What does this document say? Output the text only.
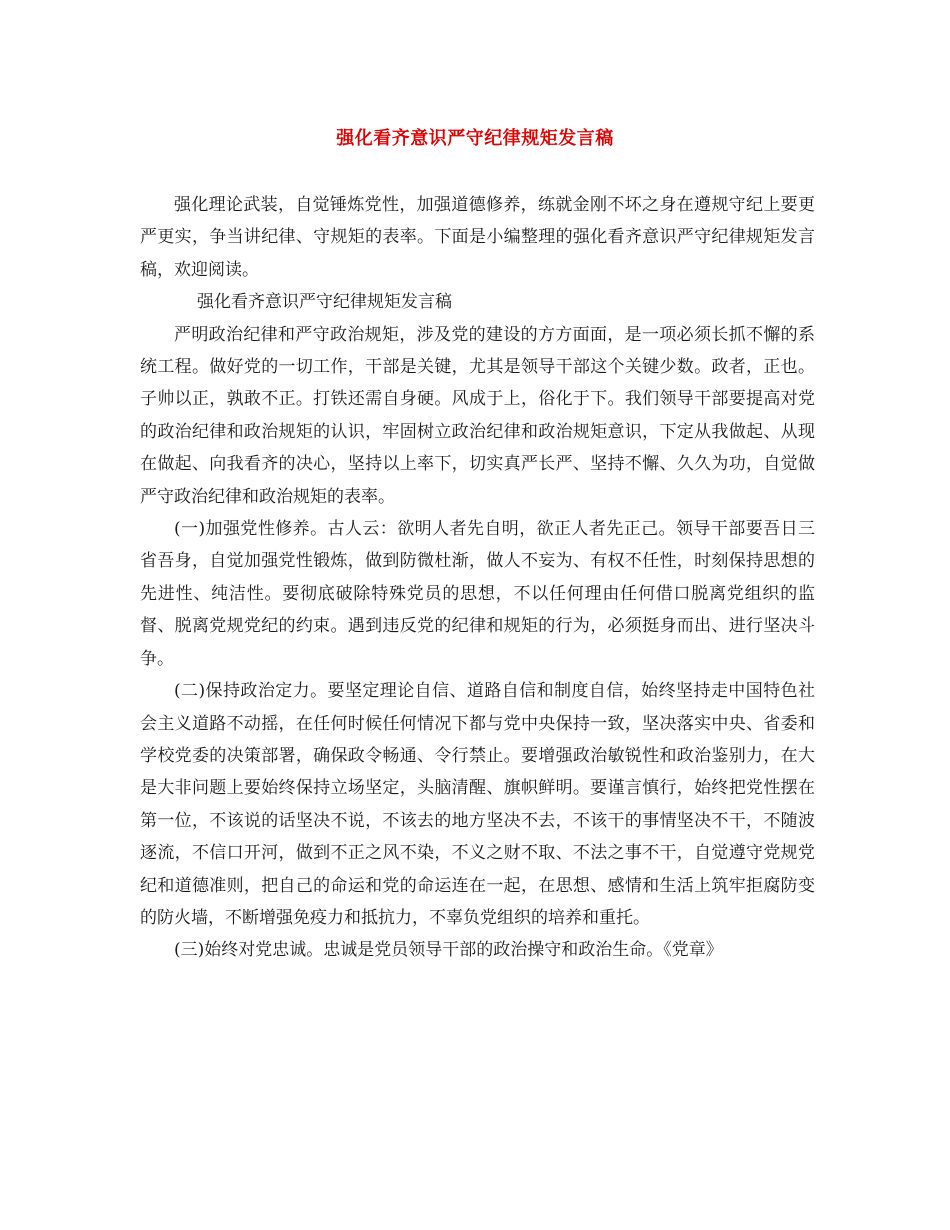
强化看齐意识严守纪律规矩发言稿

强化理论武装，自觉锤炼党性，加强道德修养，练就金刚不坏之身在遵规守纪上要更严更实，争当讲纪律、守规矩的表率。下面是小编整理的强化看齐意识严守纪律规矩发言稿，欢迎阅读。

强化看齐意识严守纪律规矩发言稿

严明政治纪律和严守政治规矩，涉及党的建设的方方面面，是一项必须长抓不懈的系统工程。做好党的一切工作，干部是关键，尤其是领导干部这个关键少数。政者，正也。子帅以正，孰敢不正。打铁还需自身硬。风成于上，俗化于下。我们领导干部要提高对党的政治纪律和政治规矩的认识，牢固树立政治纪律和政治规矩意识，下定从我做起、从现在做起、向我看齐的决心，坚持以上率下，切实真严长严、坚持不懈、久久为功，自觉做严守政治纪律和政治规矩的表率。

(一)加强党性修养。古人云：欲明人者先自明，欲正人者先正己。领导干部要吾日三省吾身，自觉加强党性锻炼，做到防微杜渐，做人不妄为、有权不任性，时刻保持思想的先进性、纯洁性。要彻底破除特殊党员的思想，不以任何理由任何借口脱离党组织的监督、脱离党规党纪的约束。遇到违反党的纪律和规矩的行为，必须挺身而出、进行坚决斗争。

(二)保持政治定力。要坚定理论自信、道路自信和制度自信，始终坚持走中国特色社会主义道路不动摇，在任何时候任何情况下都与党中央保持一致，坚决落实中央、省委和学校党委的决策部署，确保政令畅通、令行禁止。要增强政治敏锐性和政治鉴别力，在大是大非问题上要始终保持立场坚定，头脑清醒、旗帜鲜明。要谨言慎行，始终把党性摆在第一位，不该说的话坚决不说，不该去的地方坚决不去，不该干的事情坚决不干，不随波逐流，不信口开河，做到不正之风不染，不义之财不取、不法之事不干，自觉遵守党规党纪和道德准则，把自己的命运和党的命运连在一起，在思想、感情和生活上筑牢拒腐防变的防火墙，不断增强免疫力和抵抗力，不辜负党组织的培养和重托。

(三)始终对党忠诚。忠诚是党员领导干部的政治操守和政治生命。《党章》
